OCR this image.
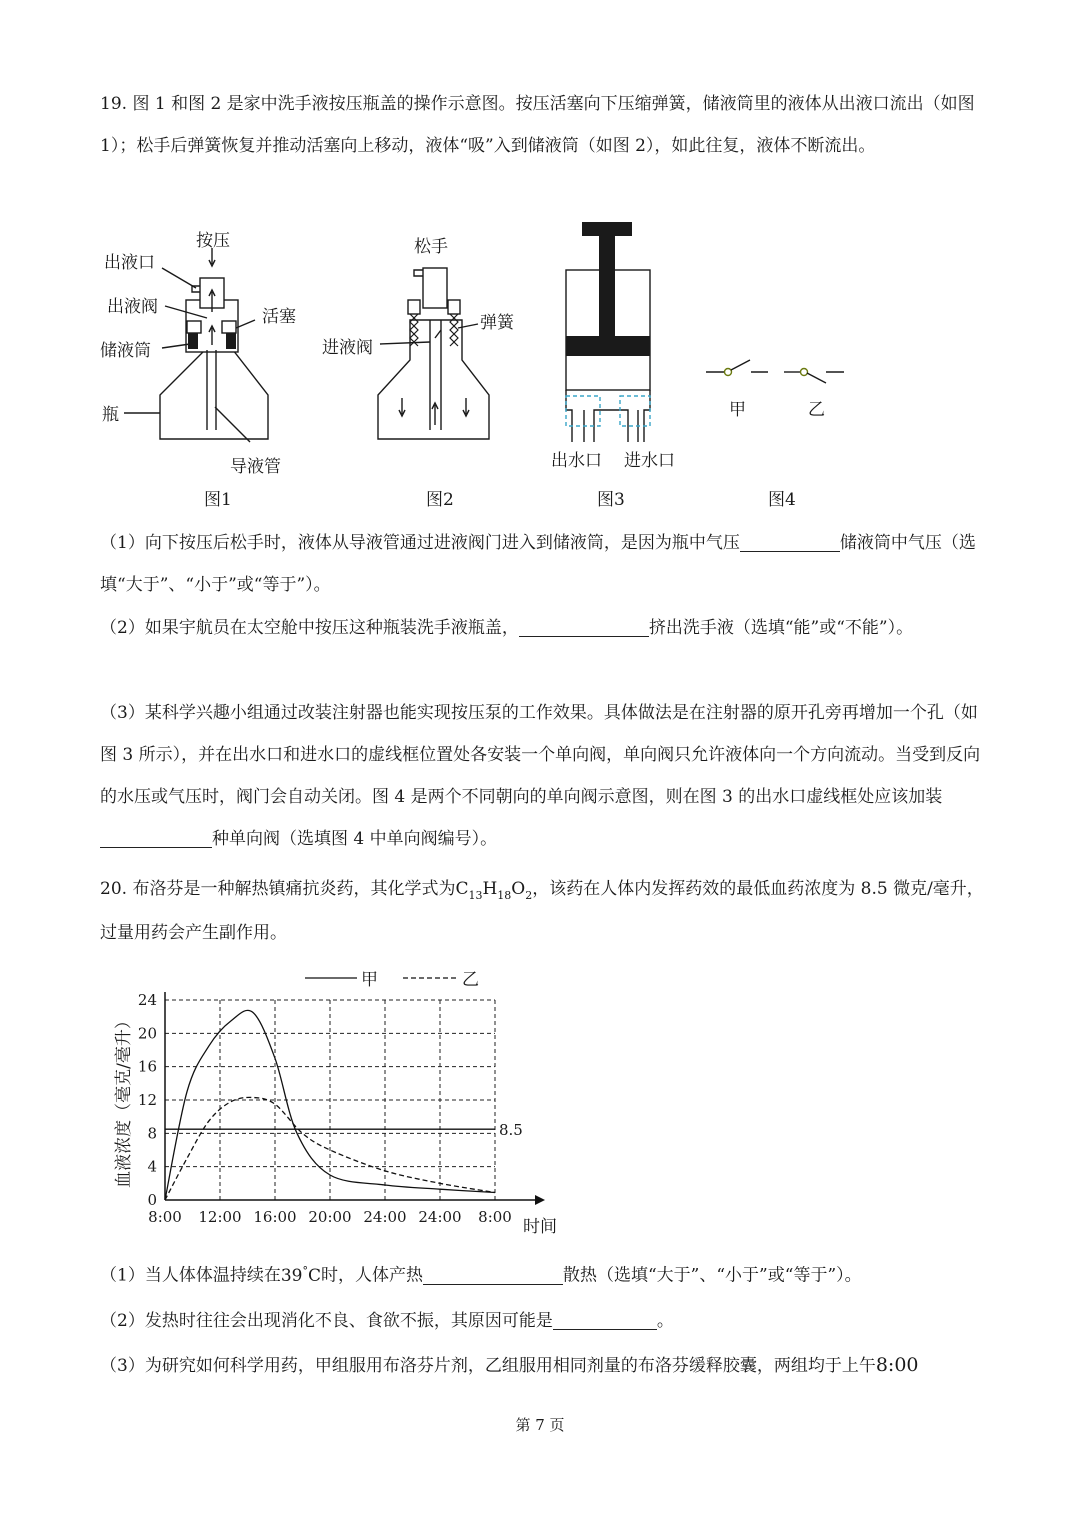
19. 图 1 和图 2 是家中洗手液按压瓶盖的操作示意图。按压活塞向下压缩弹簧，储液筒里的液体从出液口流出（如图 1）；松手后弹簧恢复并推动活塞向上移动，液体“吸”入到储液筒（如图 2），如此往复，液体不断流出。

按压
出液口
出液阀	活塞
储液筒
瓶
导液管
图1
松手
弹簧
进液阀
图2
出水口 进水口
图3
甲	乙
图4

（1）向下按压后松手时，液体从导液管通过进液阀门进入到储液筒，是因为瓶中气压	储液筒中气压（选填“大于”、“小于”或“等于”）。

（2）如果宇航员在太空舱中按压这种瓶装洗手液瓶盖，	挤出洗手液（选填“能”或“不能”）。

（3）某科学兴趣小组通过改装注射器也能实现按压泵的工作效果。具体做法是在注射器的原开孔旁再增加一个孔（如图 3 所示），并在出水口和进水口的虚线框位置处各安装一个单向阀，单向阀只允许液体向一个方向流动。当受到反向的水压或气压时，阀门会自动关闭。图 4 是两个不同朝向的单向阀示意图，则在图 3 的出水口虚线框处应该加装种单向阀（选填图 4 中单向阀编号）。

20. 布洛芬是一种解热镇痛抗炎药，其化学式为$C_{13}H_{18}O_2$，该药在人体内发挥药效的最低血药浓度为 8.5 微克/毫升，过量用药会产生副作用。

0
4
8
12
16
20
24
8:00 12:00 16:00 20:00 24:00 24:00 8:00
8.5
甲	乙
血液浓度（毫克/毫升）
时间

（1）当人体体温持续在39°C时，人体产热	散热（选填“大于”、“小于”或“等于”）。

（2）发热时往往会出现消化不良、食欲不振，其原因可能是	。

（3）为研究如何科学用药，甲组服用布洛芬片剂，乙组服用相同剂量的布洛芬缓释胶囊，两组均于上午8:00

第 7 页
